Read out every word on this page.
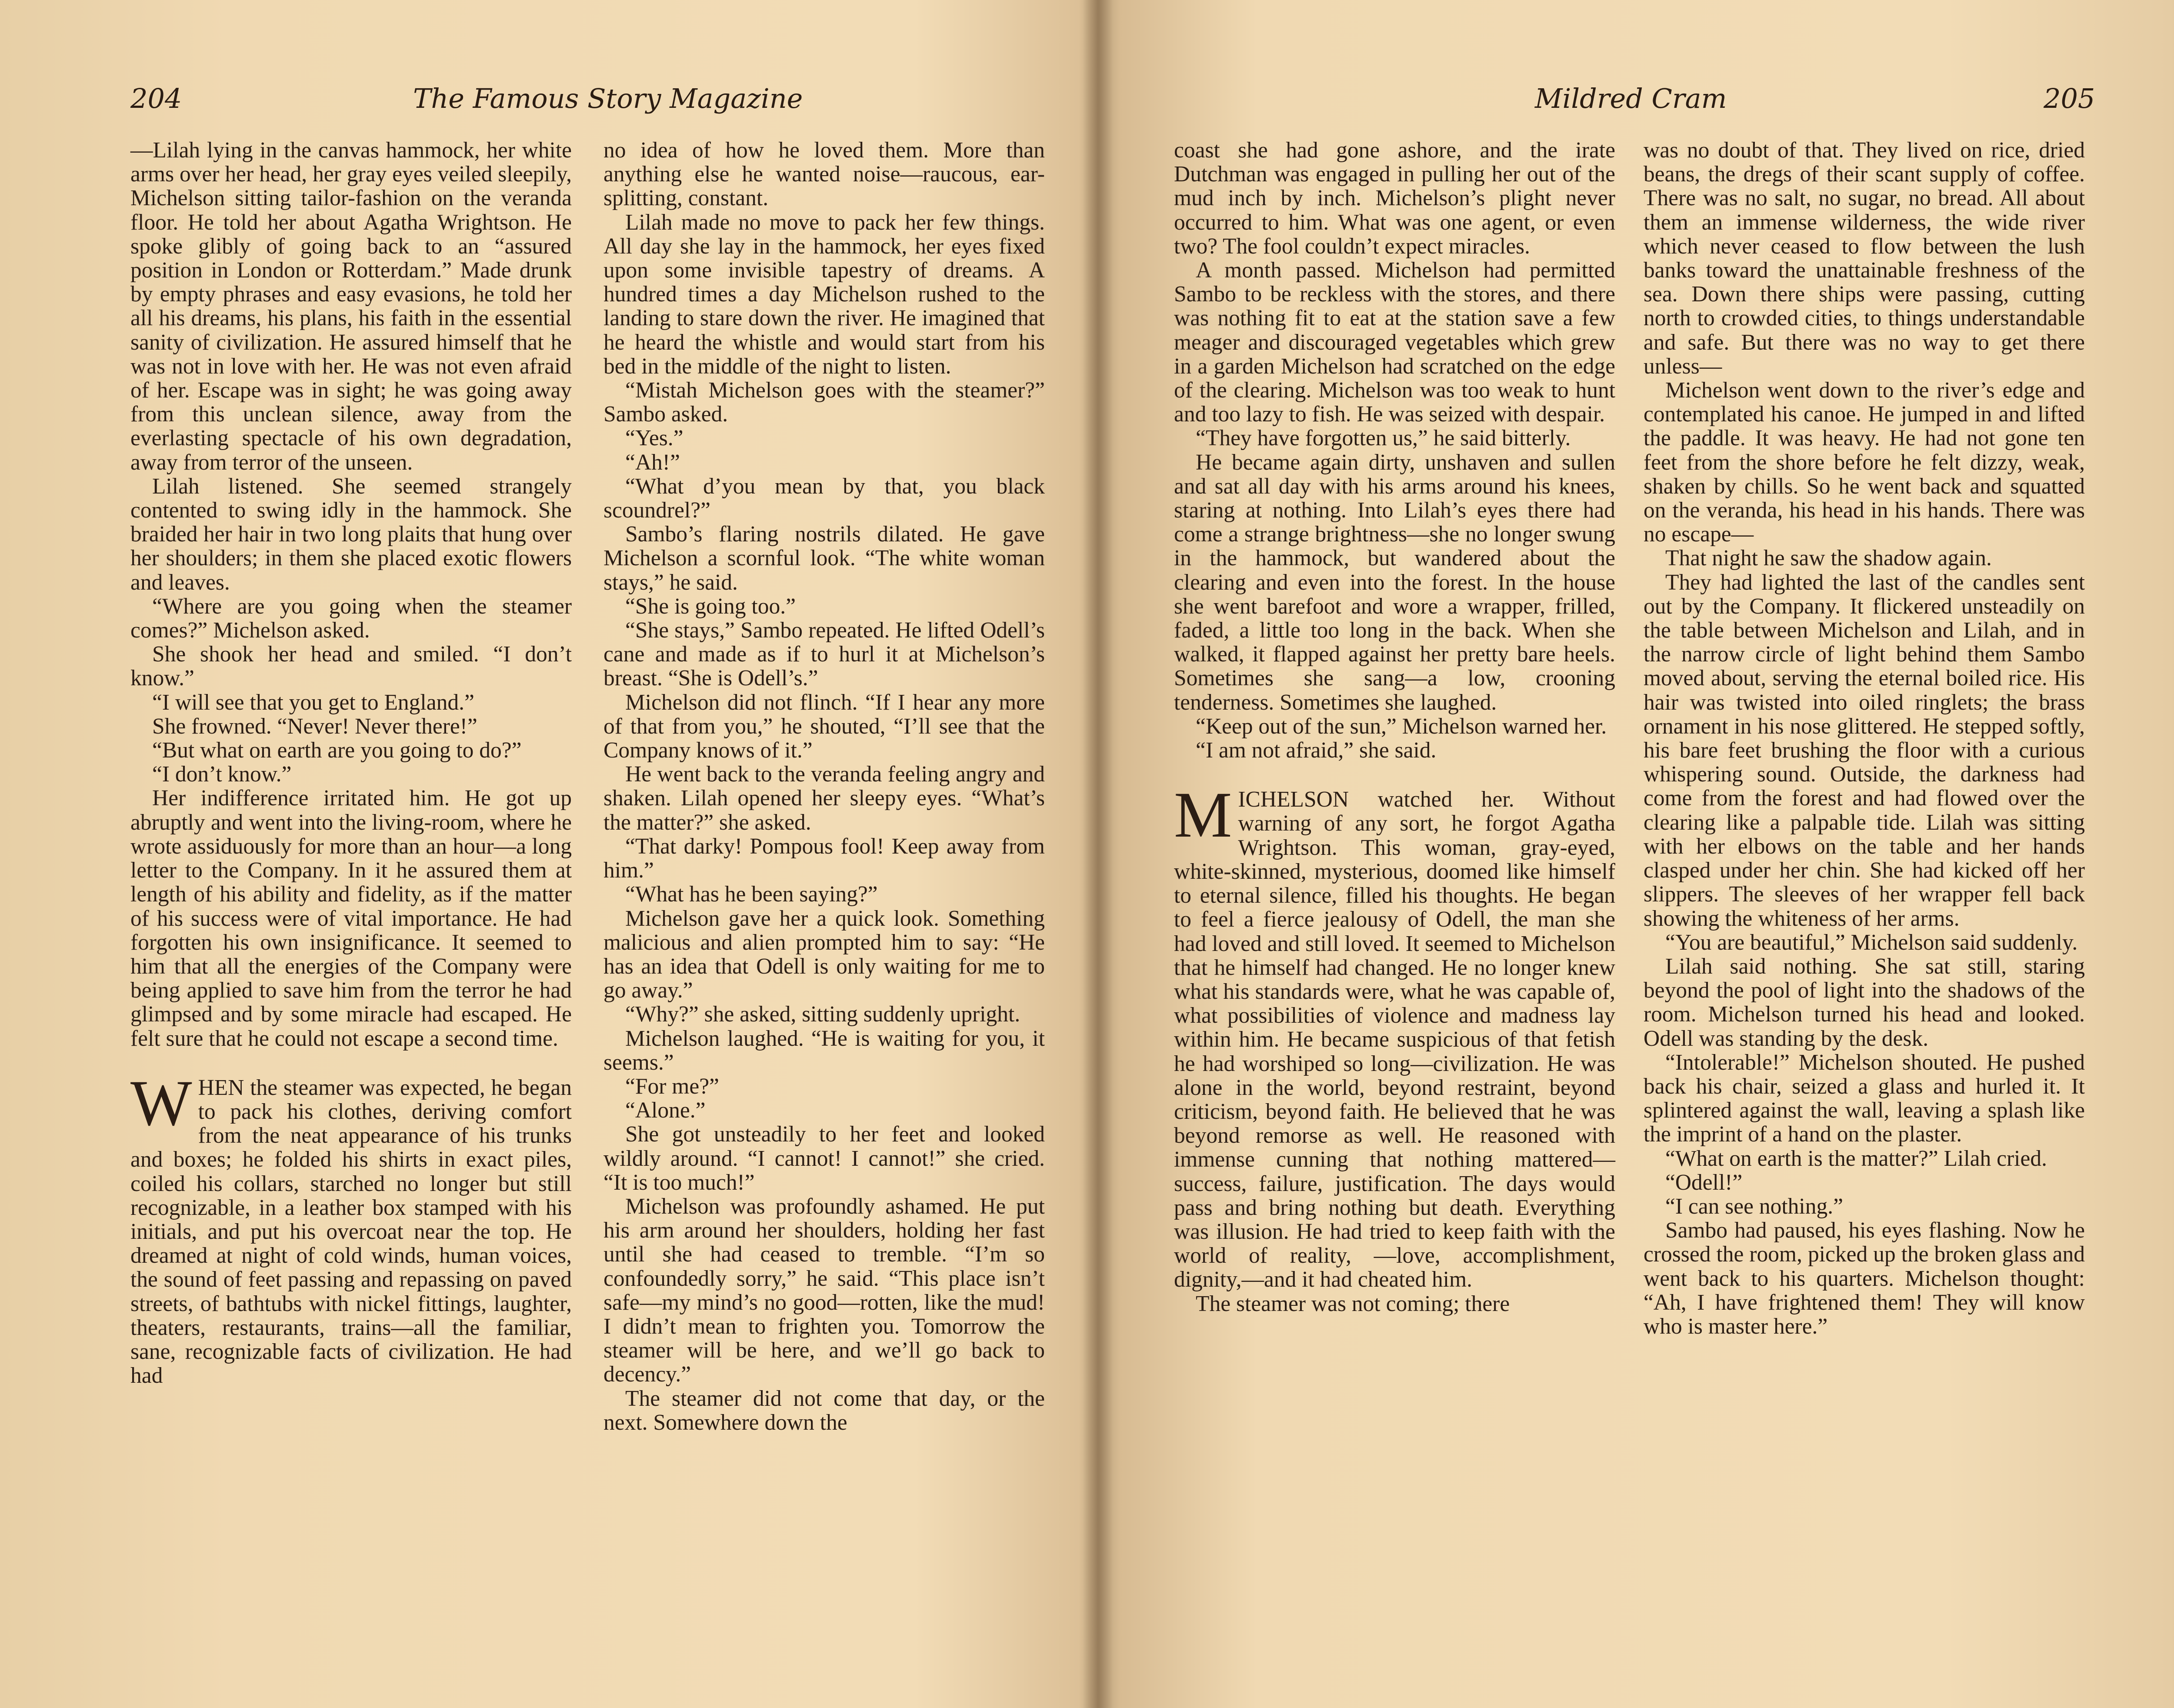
204	The Famous Story Magazine

—Lilah lying in the canvas hammock, her white arms over her head, her gray eyes veiled sleepily, Michelson sitting tailor-fashion on the veranda floor. He told her about Agatha Wrightson. He spoke glibly of going back to an “assured position in London or Rotterdam.” Made drunk by empty phrases and easy evasions, he told her all his dreams, his plans, his faith in the essential sanity of civilization. He assured himself that he was not in love with her. He was not even afraid of her. Escape was in sight; he was going away from this unclean silence, away from the everlasting spectacle of his own degradation, away from terror of the unseen.

Lilah listened. She seemed strangely contented to swing idly in the hammock. She braided her hair in two long plaits that hung over her shoulders; in them she placed exotic flowers and leaves.

“Where are you going when the steamer comes?” Michelson asked.

She shook her head and smiled. “I don’t know.”

“I will see that you get to England.”

She frowned. “Never! Never there!”

“But what on earth are you going to do?”

“I don’t know.”

Her indifference irritated him. He got up abruptly and went into the living-room, where he wrote assiduously for more than an hour—a long letter to the Company. In it he assured them at length of his ability and fidelity, as if the matter of his success were of vital importance. He had forgotten his own insignificance. It seemed to him that all the energies of the Company were being applied to save him from the terror he had glimpsed and by some miracle had escaped. He felt sure that he could not escape a second time.

WHEN the steamer was expected, he began to pack his clothes, deriving comfort from the neat appearance of his trunks and boxes; he folded his shirts in exact piles, coiled his collars, starched no longer but still recognizable, in a leather box stamped with his initials, and put his overcoat near the top. He dreamed at night of cold winds, human voices, the sound of feet passing and repassing on paved streets, of bathtubs with nickel fittings, laughter, theaters, restaurants, trains—all the familiar, sane, recognizable facts of civilization. He had had

no idea of how he loved them. More than anything else he wanted noise—raucous, ear-splitting, constant.

Lilah made no move to pack her few things. All day she lay in the hammock, her eyes fixed upon some invisible tapestry of dreams. A hundred times a day Michelson rushed to the landing to stare down the river. He imagined that he heard the whistle and would start from his bed in the middle of the night to listen.

“Mistah Michelson goes with the steamer?” Sambo asked.

“Yes.”

“Ah!”

“What d’you mean by that, you black scoundrel?”

Sambo’s flaring nostrils dilated. He gave Michelson a scornful look. “The white woman stays,” he said.

“She is going too.”

“She stays,” Sambo repeated. He lifted Odell’s cane and made as if to hurl it at Michelson’s breast. “She is Odell’s.”

Michelson did not flinch. “If I hear any more of that from you,” he shouted, “I’ll see that the Company knows of it.”

He went back to the veranda feeling angry and shaken. Lilah opened her sleepy eyes. “What’s the matter?” she asked.

“That darky! Pompous fool! Keep away from him.”

“What has he been saying?”

Michelson gave her a quick look. Something malicious and alien prompted him to say: “He has an idea that Odell is only waiting for me to go away.”

“Why?” she asked, sitting suddenly upright.

Michelson laughed. “He is waiting for you, it seems.”

“For me?”

“Alone.”

She got unsteadily to her feet and looked wildly around. “I cannot! I cannot!” she cried. “It is too much!”

Michelson was profoundly ashamed. He put his arm around her shoulders, holding her fast until she had ceased to tremble. “I’m so confoundedly sorry,” he said. “This place isn’t safe—my mind’s no good—rotten, like the mud! I didn’t mean to frighten you. Tomorrow the steamer will be here, and we’ll go back to decency.”

The steamer did not come that day, or the next. Somewhere down the

Mildred Cram	205

coast she had gone ashore, and the irate Dutchman was engaged in pulling her out of the mud inch by inch. Michelson’s plight never occurred to him. What was one agent, or even two? The fool couldn’t expect miracles.

A month passed. Michelson had permitted Sambo to be reckless with the stores, and there was nothing fit to eat at the station save a few meager and discouraged vegetables which grew in a garden Michelson had scratched on the edge of the clearing. Michelson was too weak to hunt and too lazy to fish. He was seized with despair.

“They have forgotten us,” he said bitterly.

He became again dirty, unshaven and sullen and sat all day with his arms around his knees, staring at nothing. Into Lilah’s eyes there had come a strange brightness—she no longer swung in the hammock, but wandered about the clearing and even into the forest. In the house she went barefoot and wore a wrapper, frilled, faded, a little too long in the back. When she walked, it flapped against her pretty bare heels. Sometimes she sang—a low, crooning tenderness. Sometimes she laughed.

“Keep out of the sun,” Michelson warned her.

“I am not afraid,” she said.

MICHELSON watched her. Without warning of any sort, he forgot Agatha Wrightson. This woman, gray-eyed, white-skinned, mysterious, doomed like himself to eternal silence, filled his thoughts. He began to feel a fierce jealousy of Odell, the man she had loved and still loved. It seemed to Michelson that he himself had changed. He no longer knew what his standards were, what he was capable of, what possibilities of violence and madness lay within him. He became suspicious of that fetish he had worshiped so long—civilization. He was alone in the world, beyond restraint, beyond criticism, beyond faith. He believed that he was beyond remorse as well. He reasoned with immense cunning that nothing mattered—success, failure, justification. The days would pass and bring nothing but death. Everything was illusion. He had tried to keep faith with the world of reality, —love, accomplishment, dignity,—and it had cheated him.

The steamer was not coming; there

was no doubt of that. They lived on rice, dried beans, the dregs of their scant supply of coffee. There was no salt, no sugar, no bread. All about them an immense wilderness, the wide river which never ceased to flow between the lush banks toward the unattainable freshness of the sea. Down there ships were passing, cutting north to crowded cities, to things understandable and safe. But there was no way to get there unless—

Michelson went down to the river’s edge and contemplated his canoe. He jumped in and lifted the paddle. It was heavy. He had not gone ten feet from the shore before he felt dizzy, weak, shaken by chills. So he went back and squatted on the veranda, his head in his hands. There was no escape—

That night he saw the shadow again.

They had lighted the last of the candles sent out by the Company. It flickered unsteadily on the table between Michelson and Lilah, and in the narrow circle of light behind them Sambo moved about, serving the eternal boiled rice. His hair was twisted into oiled ringlets; the brass ornament in his nose glittered. He stepped softly, his bare feet brushing the floor with a curious whispering sound. Outside, the darkness had come from the forest and had flowed over the clearing like a palpable tide. Lilah was sitting with her elbows on the table and her hands clasped under her chin. She had kicked off her slippers. The sleeves of her wrapper fell back showing the whiteness of her arms.

“You are beautiful,” Michelson said suddenly.

Lilah said nothing. She sat still, staring beyond the pool of light into the shadows of the room. Michelson turned his head and looked. Odell was standing by the desk.

“Intolerable!” Michelson shouted. He pushed back his chair, seized a glass and hurled it. It splintered against the wall, leaving a splash like the imprint of a hand on the plaster.

“What on earth is the matter?” Lilah cried.

“Odell!”

“I can see nothing.”

Sambo had paused, his eyes flashing. Now he crossed the room, picked up the broken glass and went back to his quarters. Michelson thought: “Ah, I have frightened them! They will know who is master here.”
